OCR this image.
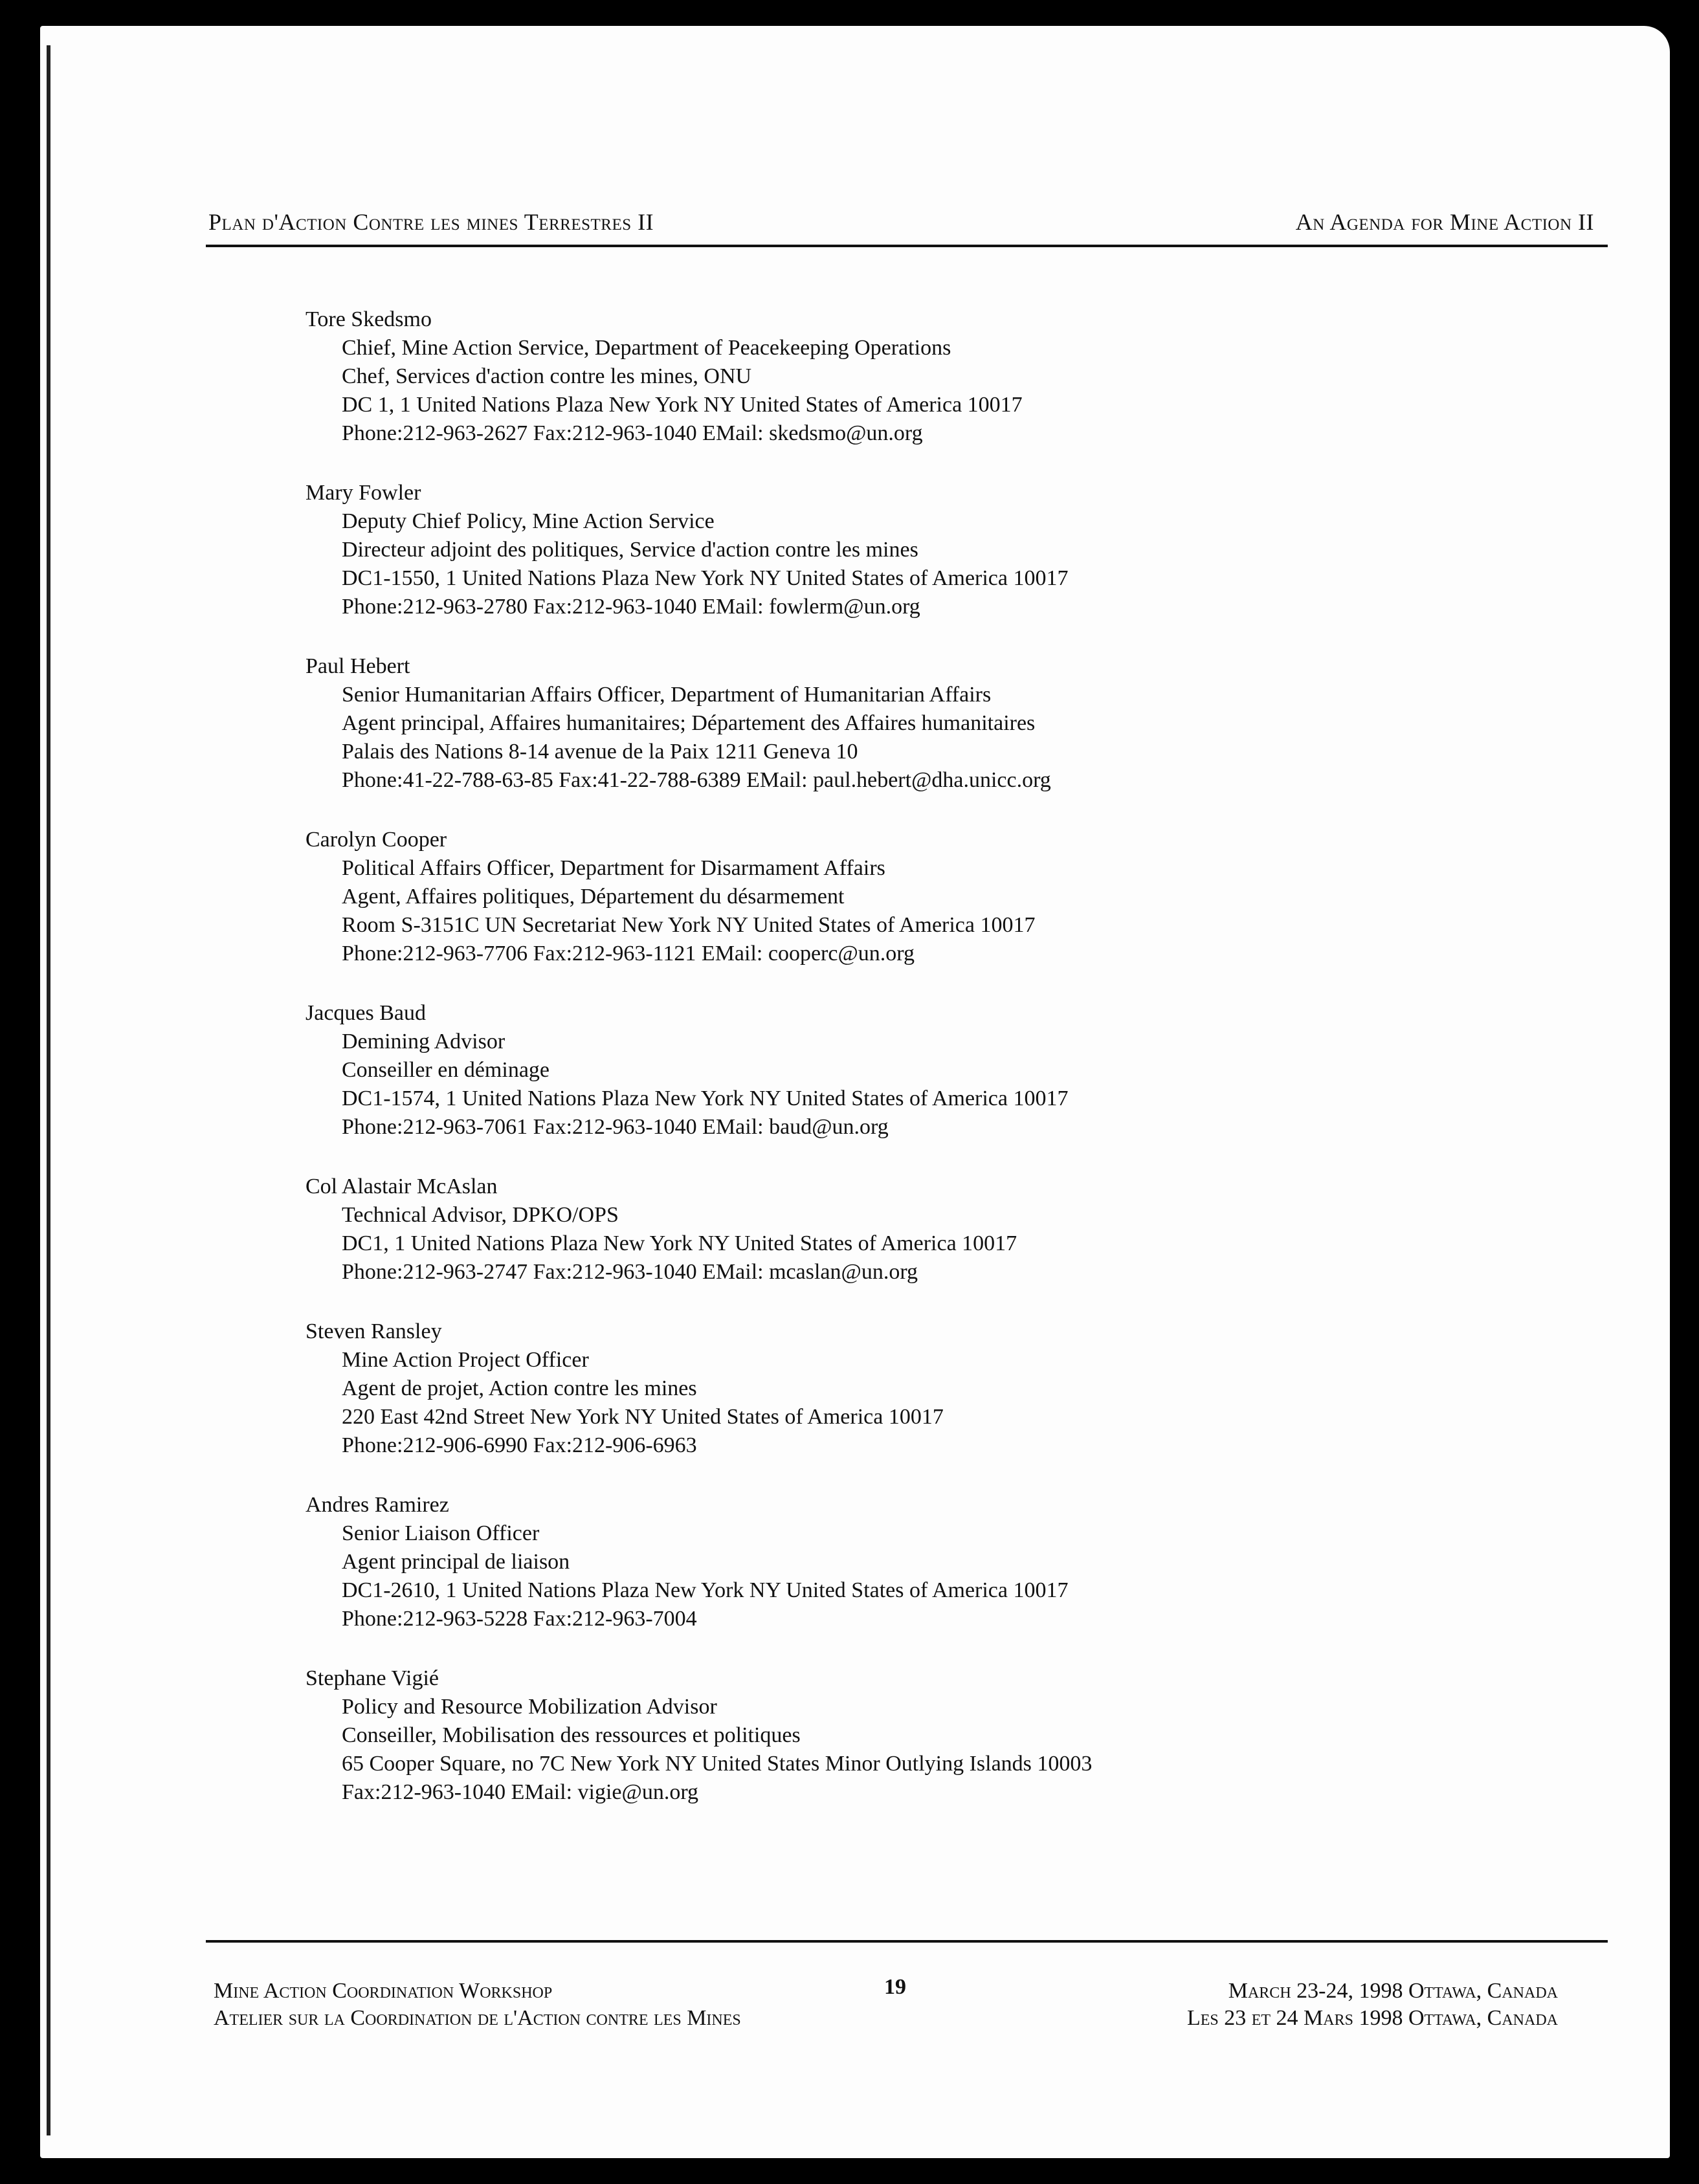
Plan d'Action Contre les mines Terrestres II	An Agenda for Mine Action II
Tore Skedsmo
Chief, Mine Action Service, Department of Peacekeeping Operations
Chef, Services d'action contre les mines, ONU
DC 1, 1 United Nations Plaza New York NY United States of America 10017
Phone:212-963-2627 Fax:212-963-1040 EMail: skedsmo@un.org
Mary Fowler
Deputy Chief Policy, Mine Action Service
Directeur adjoint des politiques, Service d'action contre les mines
DC1-1550, 1 United Nations Plaza New York NY United States of America 10017
Phone:212-963-2780 Fax:212-963-1040 EMail: fowlerm@un.org
Paul Hebert
Senior Humanitarian Affairs Officer, Department of Humanitarian Affairs
Agent principal, Affaires humanitaires; Département des Affaires humanitaires
Palais des Nations 8-14 avenue de la Paix 1211 Geneva 10
Phone:41-22-788-63-85 Fax:41-22-788-6389 EMail: paul.hebert@dha.unicc.org
Carolyn Cooper
Political Affairs Officer, Department for Disarmament Affairs
Agent, Affaires politiques, Département du désarmement
Room S-3151C UN Secretariat New York NY United States of America 10017
Phone:212-963-7706 Fax:212-963-1121 EMail: cooperc@un.org
Jacques Baud
Demining Advisor
Conseiller en déminage
DC1-1574, 1 United Nations Plaza New York NY United States of America 10017
Phone:212-963-7061 Fax:212-963-1040 EMail: baud@un.org
Col Alastair McAslan
Technical Advisor, DPKO/OPS
DC1, 1 United Nations Plaza New York NY United States of America 10017
Phone:212-963-2747 Fax:212-963-1040 EMail: mcaslan@un.org
Steven Ransley
Mine Action Project Officer
Agent de projet, Action contre les mines
220 East 42nd Street New York NY United States of America 10017
Phone:212-906-6990 Fax:212-906-6963
Andres Ramirez
Senior Liaison Officer
Agent principal de liaison
DC1-2610, 1 United Nations Plaza New York NY United States of America 10017
Phone:212-963-5228 Fax:212-963-7004
Stephane Vigié
Policy and Resource Mobilization Advisor
Conseiller, Mobilisation des ressources et politiques
65 Cooper Square, no 7C New York NY United States Minor Outlying Islands 10003
Fax:212-963-1040 EMail: vigie@un.org
Mine Action Coordination Workshop
Atelier sur la Coordination de l'Action contre les Mines
19	March 23-24, 1998 Ottawa, Canada
Les 23 et 24 Mars 1998 Ottawa, Canada
